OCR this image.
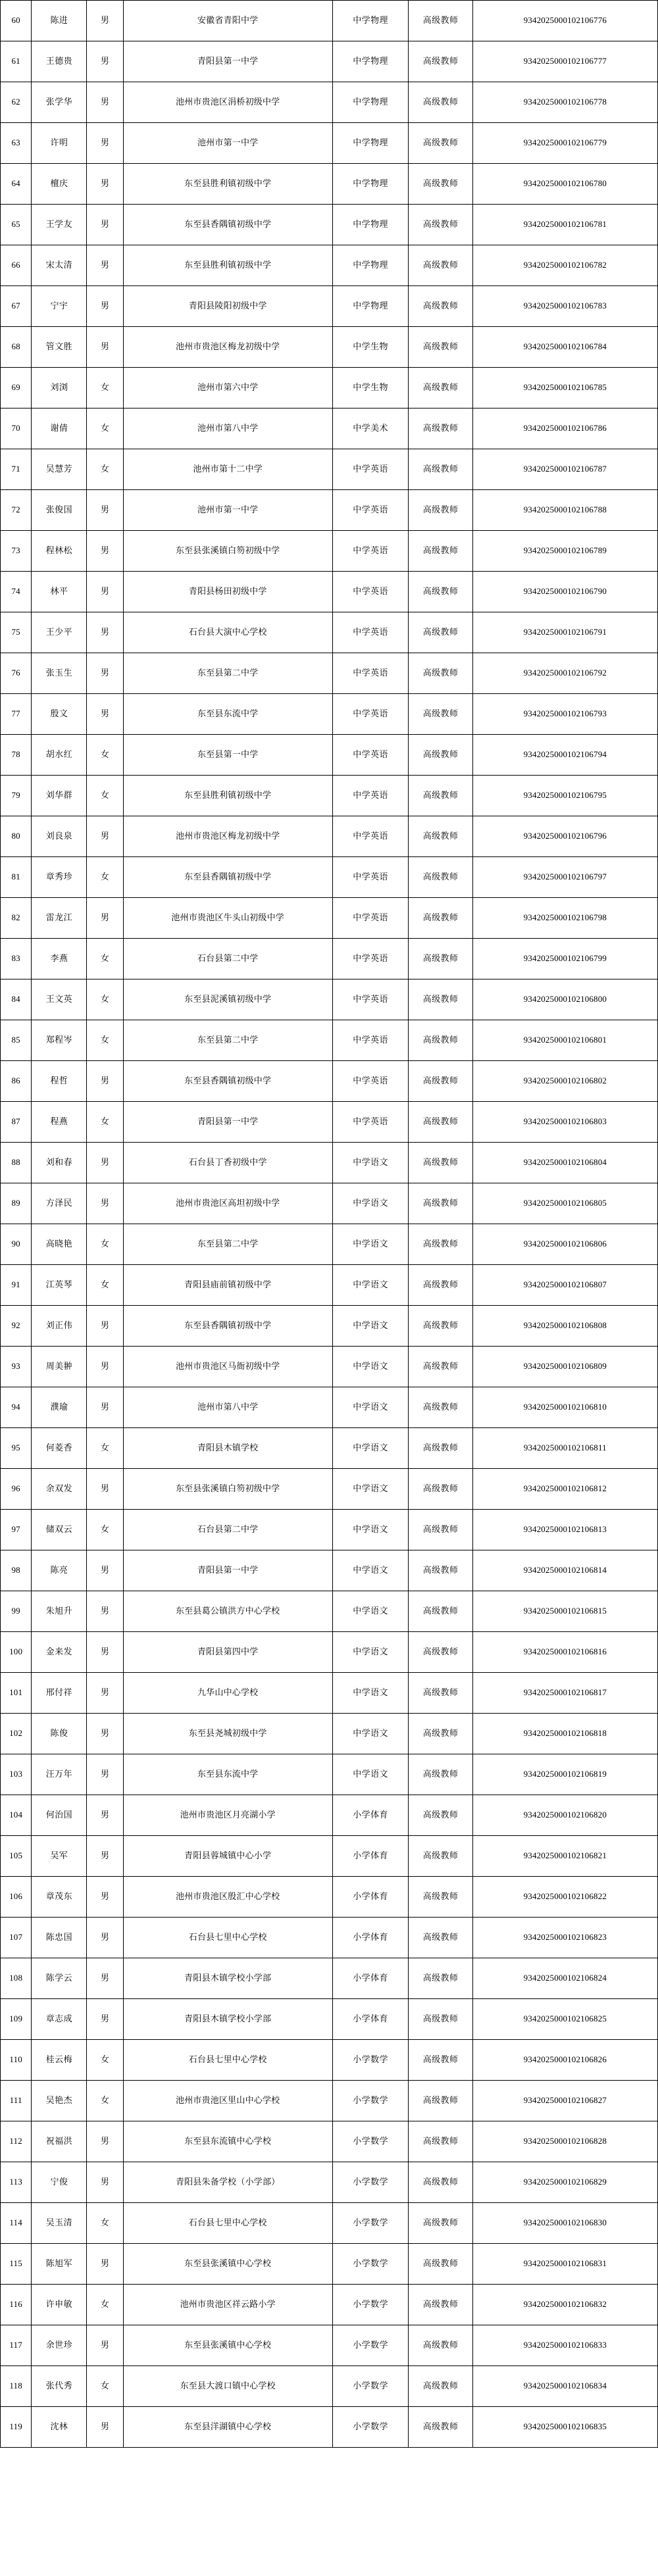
60	陈进	男	安徽省青阳中学	中学物理	高级教师	9342025000102106776
61	王德贵	男	青阳县第一中学	中学物理	高级教师	9342025000102106777
62	张学华	男	池州市贵池区涓桥初级中学	中学物理	高级教师	9342025000102106778
63	许明	男	池州市第一中学	中学物理	高级教师	9342025000102106779
64	檀庆	男	东至县胜利镇初级中学	中学物理	高级教师	9342025000102106780
65	王学友	男	东至县香隅镇初级中学	中学物理	高级教师	9342025000102106781
66	宋太清	男	东至县胜利镇初级中学	中学物理	高级教师	9342025000102106782
67	宁宇	男	青阳县陵阳初级中学	中学物理	高级教师	9342025000102106783
68	管文胜	男	池州市贵池区梅龙初级中学	中学生物	高级教师	9342025000102106784
69	刘浏	女	池州市第六中学	中学生物	高级教师	9342025000102106785
70	谢倩	女	池州市第八中学	中学美术	高级教师	9342025000102106786
71	吴慧芳	女	池州市第十二中学	中学英语	高级教师	9342025000102106787
72	张俊国	男	池州市第一中学	中学英语	高级教师	9342025000102106788
73	程林松	男	东至县张溪镇白笏初级中学	中学英语	高级教师	9342025000102106789
74	林平	男	青阳县杨田初级中学	中学英语	高级教师	9342025000102106790
75	王少平	男	石台县大演中心学校	中学英语	高级教师	9342025000102106791
76	张玉生	男	东至县第二中学	中学英语	高级教师	9342025000102106792
77	殷文	男	东至县东流中学	中学英语	高级教师	9342025000102106793
78	胡水红	女	东至县第一中学	中学英语	高级教师	9342025000102106794
79	刘华群	女	东至县胜利镇初级中学	中学英语	高级教师	9342025000102106795
80	刘良泉	男	池州市贵池区梅龙初级中学	中学英语	高级教师	9342025000102106796
81	章秀珍	女	东至县香隅镇初级中学	中学英语	高级教师	9342025000102106797
82	雷龙江	男	池州市贵池区牛头山初级中学	中学英语	高级教师	9342025000102106798
83	李燕	女	石台县第二中学	中学英语	高级教师	9342025000102106799
84	王文英	女	东至县泥溪镇初级中学	中学英语	高级教师	9342025000102106800
85	郑程岑	女	东至县第二中学	中学英语	高级教师	9342025000102106801
86	程哲	男	东至县香隅镇初级中学	中学英语	高级教师	9342025000102106802
87	程燕	女	青阳县第一中学	中学英语	高级教师	9342025000102106803
88	刘和春	男	石台县丁香初级中学	中学语文	高级教师	9342025000102106804
89	方泽民	男	池州市贵池区高坦初级中学	中学语文	高级教师	9342025000102106805
90	高晓艳	女	东至县第二中学	中学语文	高级教师	9342025000102106806
91	江英琴	女	青阳县庙前镇初级中学	中学语文	高级教师	9342025000102106807
92	刘正伟	男	东至县香隅镇初级中学	中学语文	高级教师	9342025000102106808
93	周美翀	男	池州市贵池区马衙初级中学	中学语文	高级教师	9342025000102106809
94	濮瑜	男	池州市第八中学	中学语文	高级教师	9342025000102106810
95	何菱香	女	青阳县木镇学校	中学语文	高级教师	9342025000102106811
96	余双发	男	东至县张溪镇白笏初级中学	中学语文	高级教师	9342025000102106812
97	储双云	女	石台县第二中学	中学语文	高级教师	9342025000102106813
98	陈亮	男	青阳县第一中学	中学语文	高级教师	9342025000102106814
99	朱旭升	男	东至县葛公镇洪方中心学校	中学语文	高级教师	9342025000102106815
100	金来发	男	青阳县第四中学	中学语文	高级教师	9342025000102106816
101	邢付祥	男	九华山中心学校	中学语文	高级教师	9342025000102106817
102	陈俊	男	东至县尧城初级中学	中学语文	高级教师	9342025000102106818
103	汪万年	男	东至县东流中学	中学语文	高级教师	9342025000102106819
104	何治国	男	池州市贵池区月亮湖小学	小学体育	高级教师	9342025000102106820
105	吴军	男	青阳县蓉城镇中心小学	小学体育	高级教师	9342025000102106821
106	章茂东	男	池州市贵池区殷汇中心学校	小学体育	高级教师	9342025000102106822
107	陈忠国	男	石台县七里中心学校	小学体育	高级教师	9342025000102106823
108	陈学云	男	青阳县木镇学校小学部	小学体育	高级教师	9342025000102106824
109	章志成	男	青阳县木镇学校小学部	小学体育	高级教师	9342025000102106825
110	桂云梅	女	石台县七里中心学校	小学数学	高级教师	9342025000102106826
111	吴艳杰	女	池州市贵池区里山中心学校	小学数学	高级教师	9342025000102106827
112	祝福洪	男	东至县东流镇中心学校	小学数学	高级教师	9342025000102106828
113	宁俊	男	青阳县朱备学校（小学部）	小学数学	高级教师	9342025000102106829
114	吴玉清	女	石台县七里中心学校	小学数学	高级教师	9342025000102106830
115	陈旭军	男	东至县张溪镇中心学校	小学数学	高级教师	9342025000102106831
116	许申敏	女	池州市贵池区祥云路小学	小学数学	高级教师	9342025000102106832
117	余世珍	男	东至县张溪镇中心学校	小学数学	高级教师	9342025000102106833
118	张代秀	女	东至县大渡口镇中心学校	小学数学	高级教师	9342025000102106834
119	沈林	男	东至县洋湖镇中心学校	小学数学	高级教师	9342025000102106835
